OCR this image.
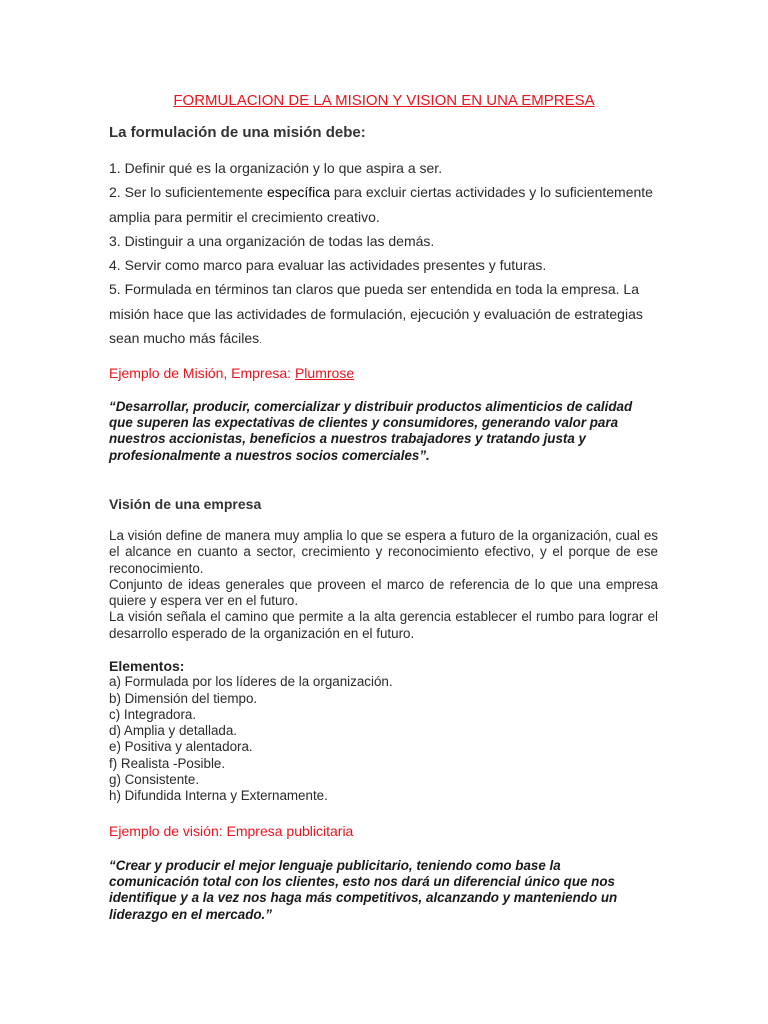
FORMULACION DE LA MISION Y VISION EN UNA EMPRESA
La formulación de una misión debe:
1. Definir qué es la organización y lo que aspira a ser.
2. Ser lo suficientemente específica para excluir ciertas actividades y lo suficientemente amplia para permitir el crecimiento creativo.
3. Distinguir a una organización de todas las demás.
4. Servir como marco para evaluar las actividades presentes y futuras.
5. Formulada en términos tan claros que pueda ser entendida en toda la empresa. La misión hace que las actividades de formulación, ejecución y evaluación de estrategias sean mucho más fáciles.

Ejemplo de Misión, Empresa: Plumrose

“Desarrollar, producir, comercializar y distribuir productos alimenticios de calidad que superen las expectativas de clientes y consumidores, generando valor para nuestros accionistas, beneficios a nuestros trabajadores y tratando justa y profesionalmente a nuestros socios comerciales”.

Visión de una empresa

La visión define de manera muy amplia lo que se espera a futuro de la organización, cual es el alcance en cuanto a sector, crecimiento y reconocimiento efectivo, y el porque de ese reconocimiento.

Conjunto de ideas generales que proveen el marco de referencia de lo que una empresa quiere y espera ver en el futuro.

La visión señala el camino que permite a la alta gerencia establecer el rumbo para lograr el desarrollo esperado de la organización en el futuro.

Elementos:

a) Formulada por los líderes de la organización.
b) Dimensión del tiempo.
c) Integradora.
d) Amplia y detallada.
e) Positiva y alentadora.
f) Realista -Posible.
g) Consistente.
h) Difundida Interna y Externamente.

Ejemplo de visión: Empresa publicitaria

“Crear y producir el mejor lenguaje publicitario, teniendo como base la comunicación total con los clientes, esto nos dará un diferencial único que nos identifique y a la vez nos haga más competitivos, alcanzando y manteniendo un liderazgo en el mercado.”
